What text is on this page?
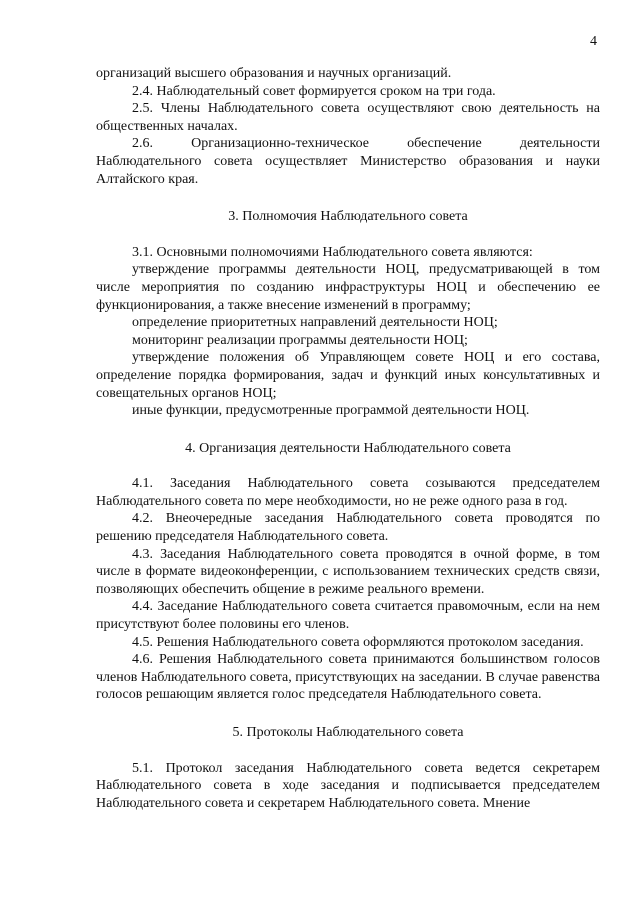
4

организаций высшего образования и научных организаций.

2.4. Наблюдательный совет формируется сроком на три года.

2.5. Члены Наблюдательного совета осуществляют свою деятельность на общественных началах.

2.6. Организационно-техническое обеспечение деятельности Наблюдательного совета осуществляет Министерство образования и науки Алтайского края.

3. Полномочия Наблюдательного совета

3.1. Основными полномочиями Наблюдательного совета являются:

утверждение программы деятельности НОЦ, предусматривающей в том числе мероприятия по созданию инфраструктуры НОЦ и обеспечению ее функционирования, а также внесение изменений в программу;

определение приоритетных направлений деятельности НОЦ;

мониторинг реализации программы деятельности НОЦ;

утверждение положения об Управляющем совете НОЦ и его состава, определение порядка формирования, задач и функций иных консультативных и совещательных органов НОЦ;

иные функции, предусмотренные программой деятельности НОЦ.

4. Организация деятельности Наблюдательного совета

4.1. Заседания Наблюдательного совета созываются председателем Наблюдательного совета по мере необходимости, но не реже одного раза в год.

4.2. Внеочередные заседания Наблюдательного совета проводятся по решению председателя Наблюдательного совета.

4.3. Заседания Наблюдательного совета проводятся в очной форме, в том числе в формате видеоконференции, с использованием технических средств связи, позволяющих обеспечить общение в режиме реального времени.

4.4. Заседание Наблюдательного совета считается правомочным, если на нем присутствуют более половины его членов.

4.5. Решения Наблюдательного совета оформляются протоколом заседания.

4.6. Решения Наблюдательного совета принимаются большинством голосов членов Наблюдательного совета, присутствующих на заседании. В случае равенства голосов решающим является голос председателя Наблюдательного совета.

5. Протоколы Наблюдательного совета

5.1. Протокол заседания Наблюдательного совета ведется секретарем Наблюдательного совета в ходе заседания и подписывается председателем Наблюдательного совета и секретарем Наблюдательного совета. Мнение
